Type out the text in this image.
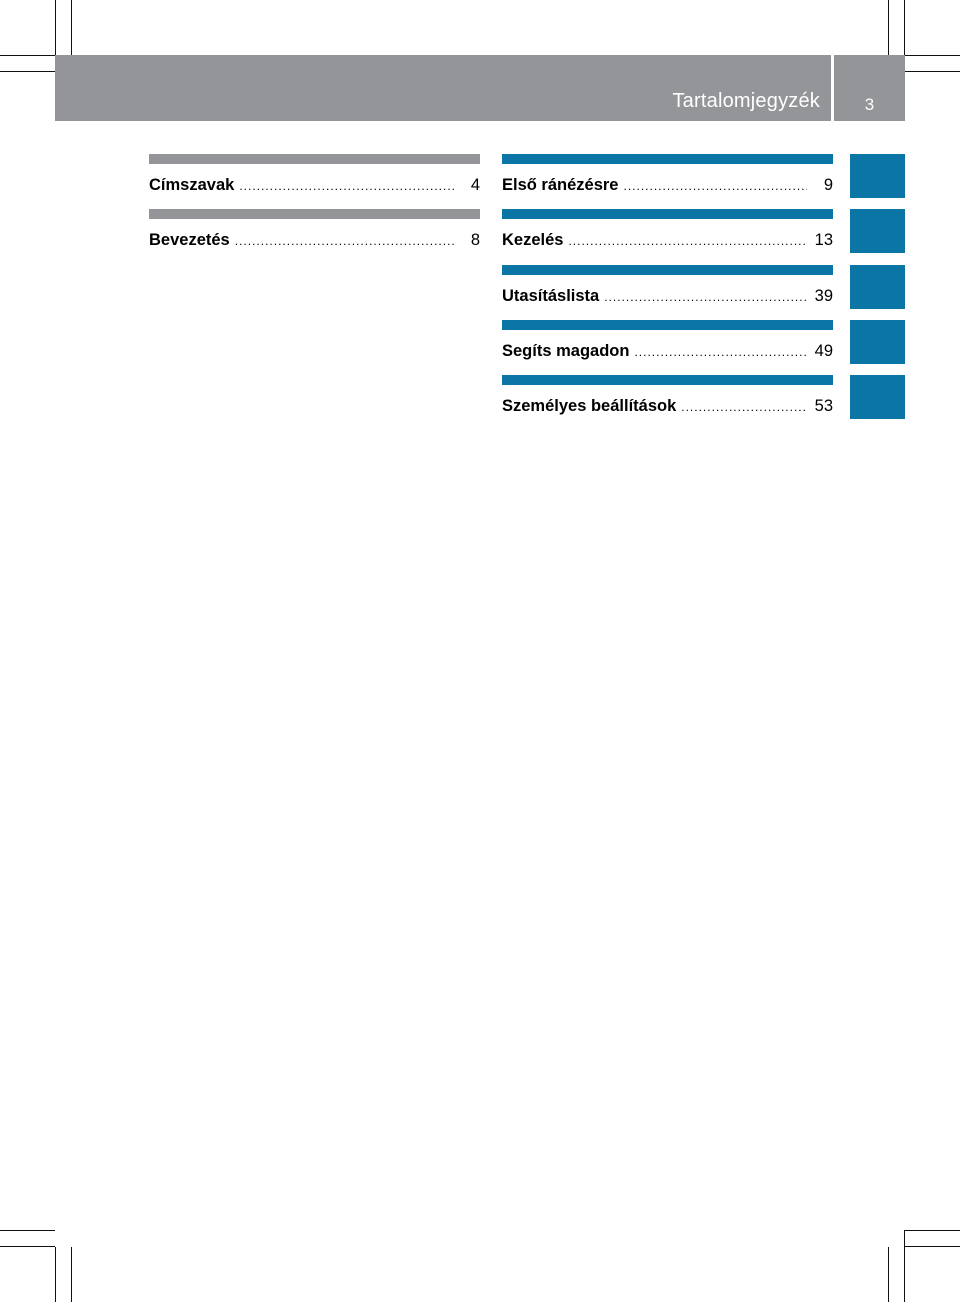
Tartalomjegyzék	3
Címszavak .....	4
Bevezetés .....	8
Első ránézésre .....	9
Kezelés .....	13
Utasításlista .....	39
Segíts magadon .....	49
Személyes beállítások .....	53
